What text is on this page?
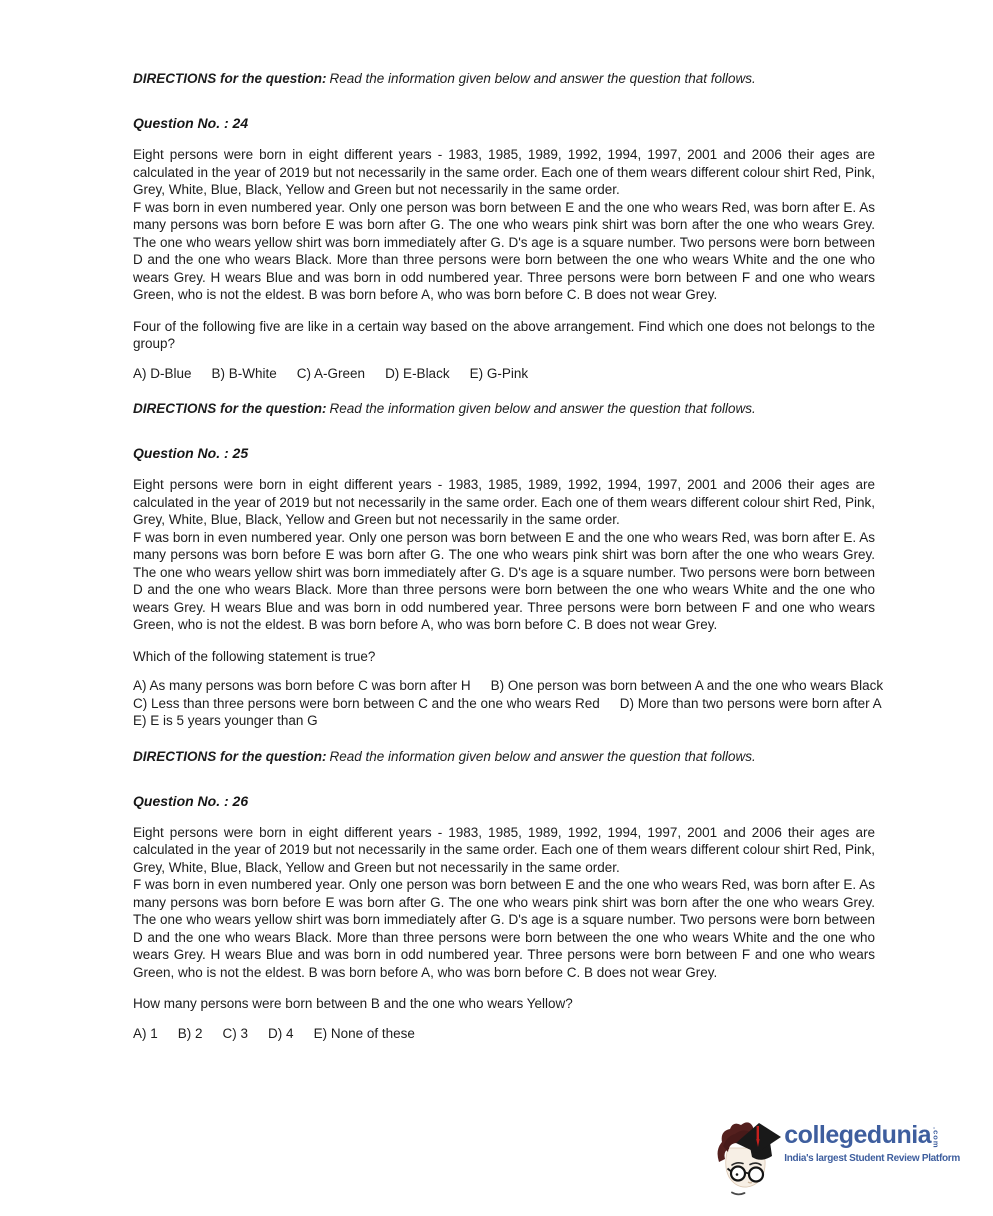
DIRECTIONS for the question: Read the information given below and answer the question that follows.

Question No. : 24

Eight persons were born in eight different years - 1983, 1985, 1989, 1992, 1994, 1997, 2001 and 2006 their ages are calculated in the year of 2019 but not necessarily in the same order. Each one of them wears different colour shirt Red, Pink, Grey, White, Blue, Black, Yellow and Green but not necessarily in the same order.

F was born in even numbered year. Only one person was born between E and the one who wears Red, was born after E. As many persons was born before E was born after G. The one who wears pink shirt was born after the one who wears Grey. The one who wears yellow shirt was born immediately after G. D's age is a square number. Two persons were born between D and the one who wears Black. More than three persons were born between the one who wears White and the one who wears Grey. H wears Blue and was born in odd numbered year. Three persons were born between F and one who wears Green, who is not the eldest. B was born before A, who was born before C. B does not wear Grey.

Four of the following five are like in a certain way based on the above arrangement. Find which one does not belongs to the group?

A) D-Blue B) B-White C) A-Green D) E-Black E) G-Pink

DIRECTIONS for the question: Read the information given below and answer the question that follows.

Question No. : 25

Eight persons were born in eight different years - 1983, 1985, 1989, 1992, 1994, 1997, 2001 and 2006 their ages are calculated in the year of 2019 but not necessarily in the same order. Each one of them wears different colour shirt Red, Pink, Grey, White, Blue, Black, Yellow and Green but not necessarily in the same order.

F was born in even numbered year. Only one person was born between E and the one who wears Red, was born after E. As many persons was born before E was born after G. The one who wears pink shirt was born after the one who wears Grey. The one who wears yellow shirt was born immediately after G. D's age is a square number. Two persons were born between D and the one who wears Black. More than three persons were born between the one who wears White and the one who wears Grey. H wears Blue and was born in odd numbered year. Three persons were born between F and one who wears Green, who is not the eldest. B was born before A, who was born before C. B does not wear Grey.

Which of the following statement is true?

A) As many persons was born before C was born after H B) One person was born between A and the one who wears Black
C) Less than three persons were born between C and the one who wears Red D) More than two persons were born after A
E) E is 5 years younger than G

DIRECTIONS for the question: Read the information given below and answer the question that follows.

Question No. : 26

Eight persons were born in eight different years - 1983, 1985, 1989, 1992, 1994, 1997, 2001 and 2006 their ages are calculated in the year of 2019 but not necessarily in the same order. Each one of them wears different colour shirt Red, Pink, Grey, White, Blue, Black, Yellow and Green but not necessarily in the same order.

F was born in even numbered year. Only one person was born between E and the one who wears Red, was born after E. As many persons was born before E was born after G. The one who wears pink shirt was born after the one who wears Grey. The one who wears yellow shirt was born immediately after G. D's age is a square number. Two persons were born between D and the one who wears Black. More than three persons were born between the one who wears White and the one who wears Grey. H wears Blue and was born in odd numbered year. Three persons were born between F and one who wears Green, who is not the eldest. B was born before A, who was born before C. B does not wear Grey.

How many persons were born between B and the one who wears Yellow?

A) 1 B) 2 C) 3 D) 4 E) None of these
collegedunia .com
India's largest Student Review Platform
